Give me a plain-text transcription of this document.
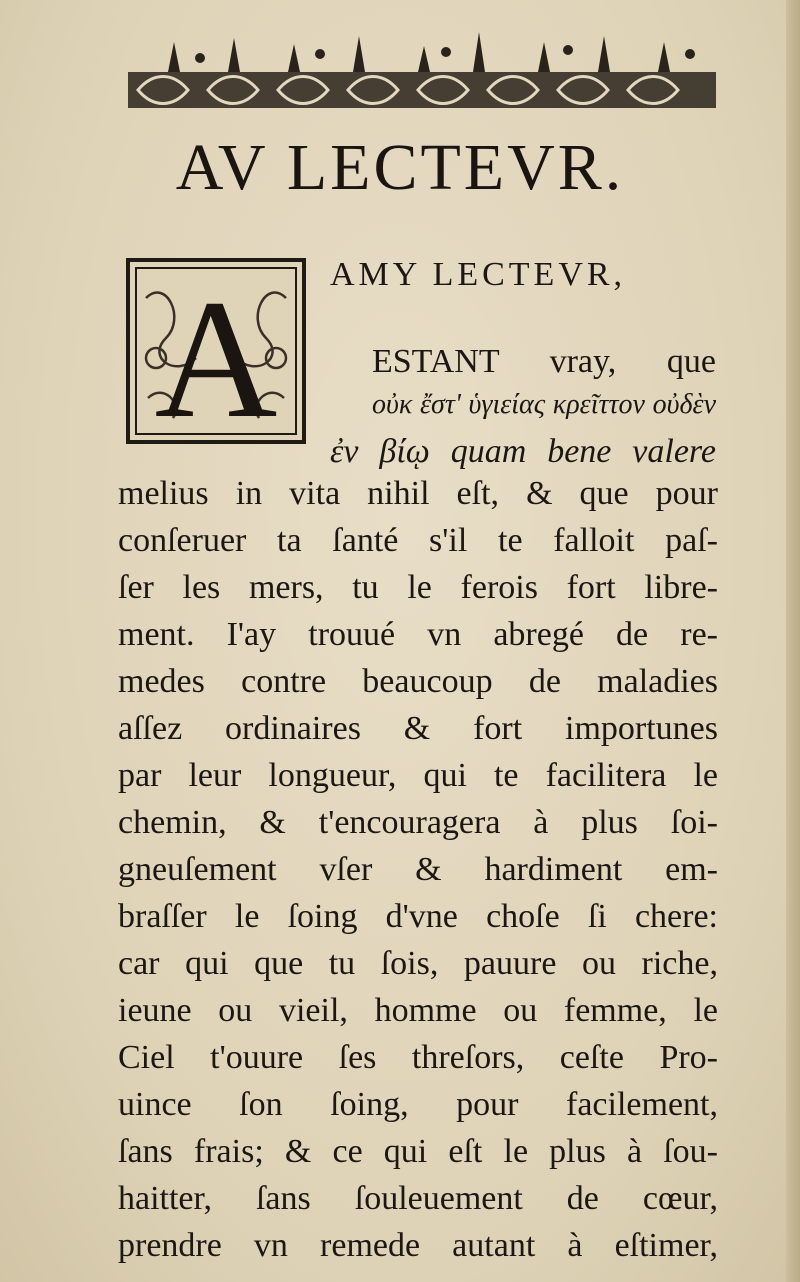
AV LECTEVR.
A AMY LECTEVR,
ESTANT vray, que
οὐκ ἔστ' ὑγιείας κρεῖττον οὐδὲν
ἐν βίῳ quam bene valere
melius in vita nihil eſt, & que pour
conſeruer ta ſanté s'il te falloit paſ-
ſer les mers, tu le ferois fort libre-
ment. I'ay trouué vn abregé de re-
medes contre beaucoup de maladies
aſſez ordinaires & fort importunes
par leur longueur, qui te facilitera le
chemin, & t'encouragera à plus ſoi-
gneuſement vſer & hardiment em-
braſſer le ſoing d'vne choſe ſi chere:
car qui que tu ſois, pauure ou riche,
ieune ou vieil, homme ou femme, le
Ciel t'ouure ſes threſors, ceſte Pro-
uince ſon ſoing, pour facilement,
ſans frais; & ce qui eſt le plus à ſou-
haitter, ſans ſouleuement de cœur,
prendre vn remede autant à eſtimer,
